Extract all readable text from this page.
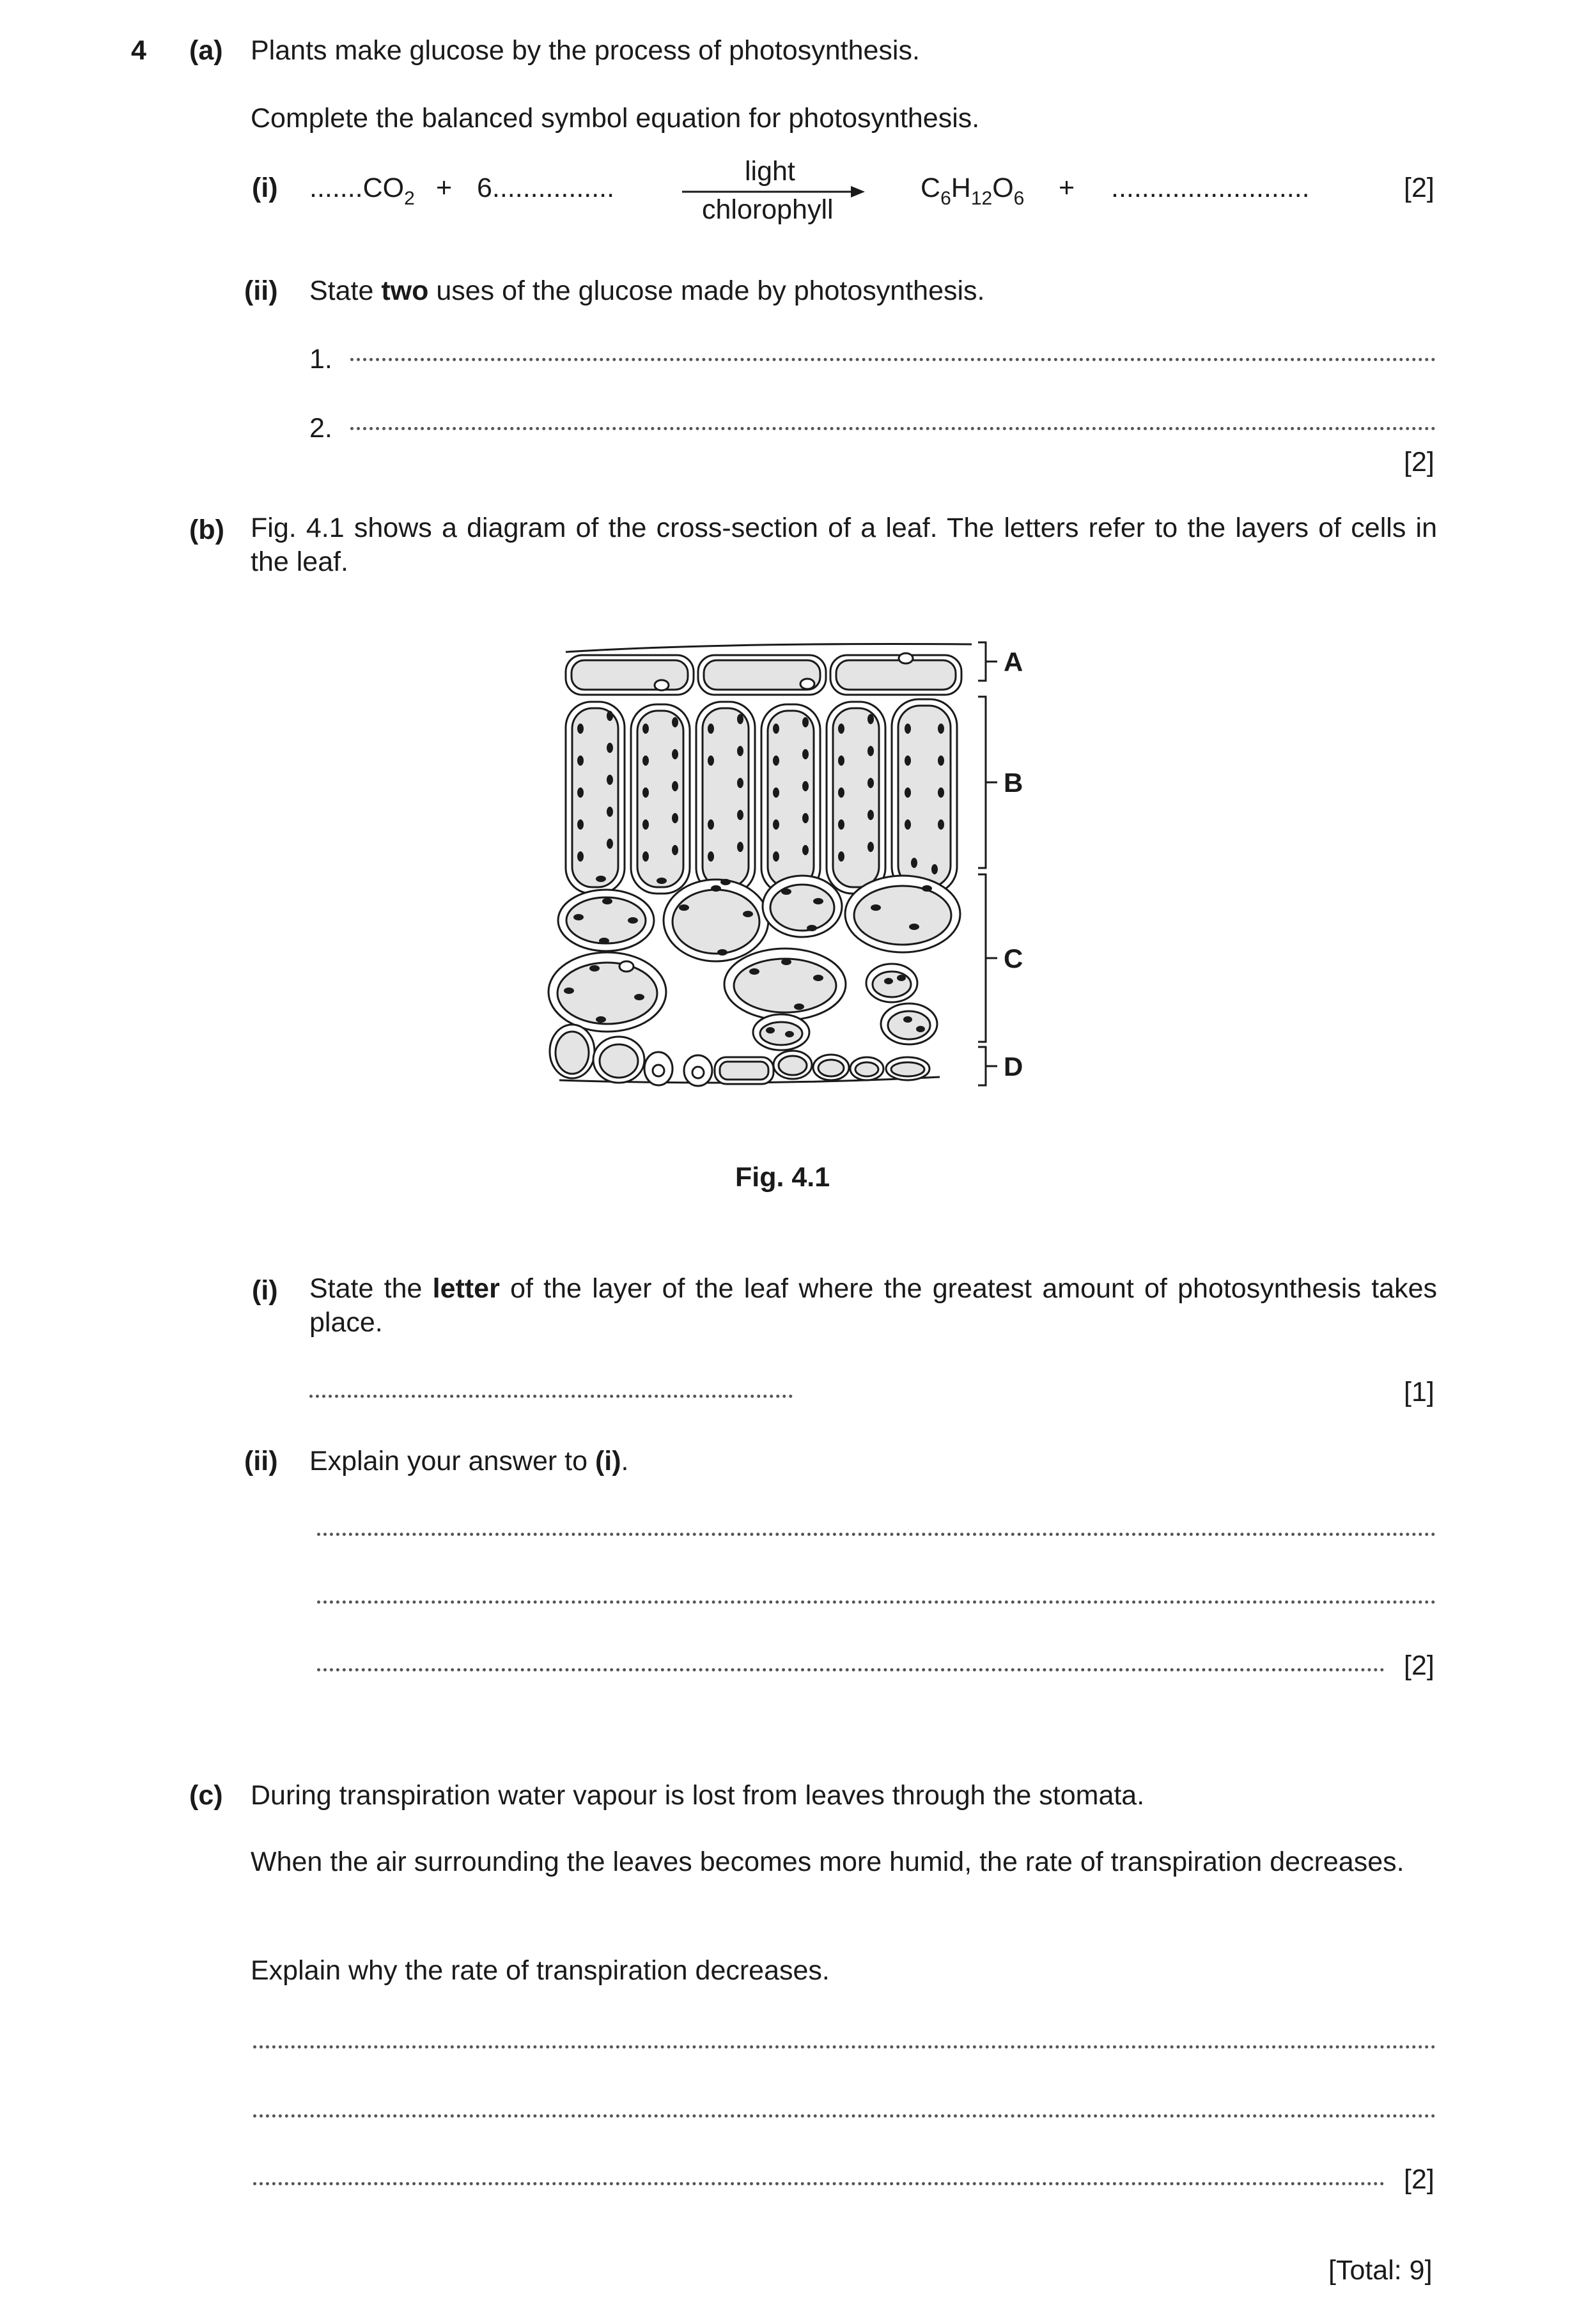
4 (a) Plants make glucose by the process of photosynthesis.
Complete the balanced symbol equation for photosynthesis.
(i) $.......CO_2 + 6$................
light
chlorophyll
$C_6H_{12}O_6$ + ..........................	[2]
(ii) State two uses of the glucose made by photosynthesis.
1.
2.
[2]
(b) Fig. 4.1 shows a diagram of the cross-section of a leaf. The letters refer to the layers of cells in the leaf.
A
B
C
D
Fig. 4.1
(i) State the letter of the layer of the leaf where the greatest amount of photosynthesis takes place.
[1]
(ii) Explain your answer to (i).
[2]
(c) During transpiration water vapour is lost from leaves through the stomata.
When the air surrounding the leaves becomes more humid, the rate of transpiration decreases.
Explain why the rate of transpiration decreases.
[2]
[Total: 9]
